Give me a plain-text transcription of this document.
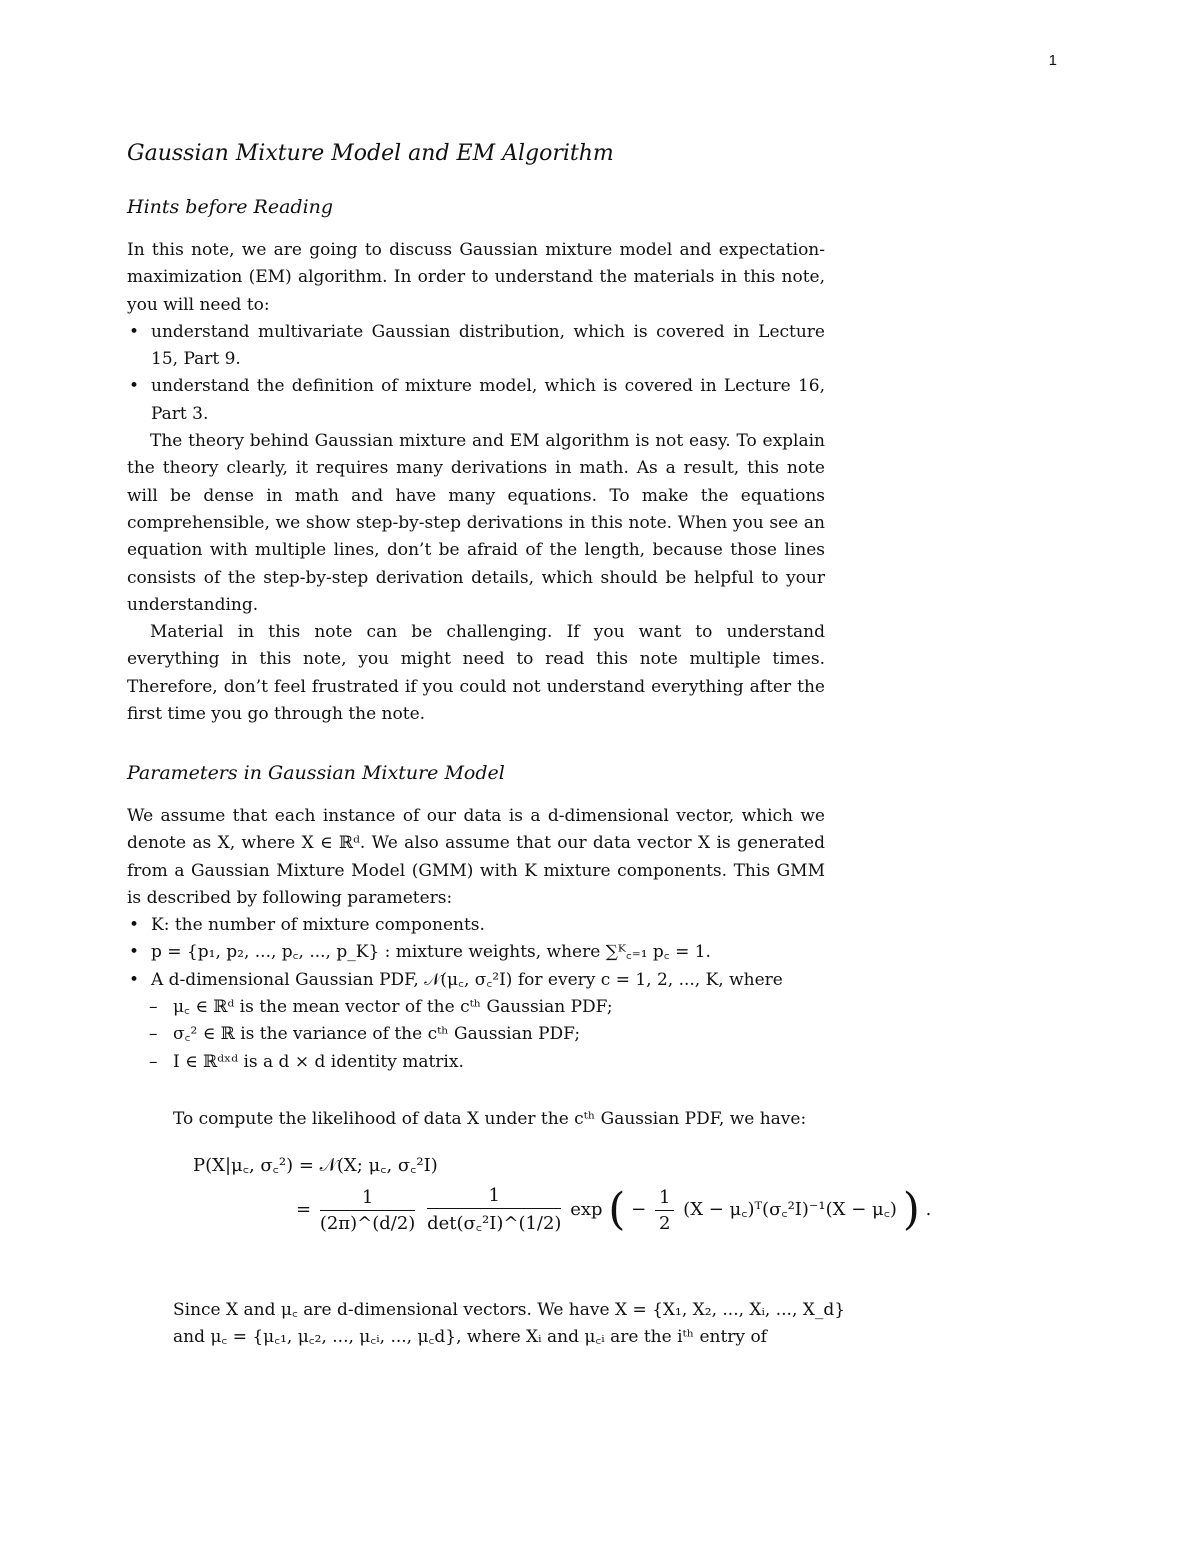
1
Gaussian Mixture Model and EM Algorithm
Hints before Reading

In this note, we are going to discuss Gaussian mixture model and expectation-maximization (EM) algorithm. In order to understand the materials in this note, you will need to:

• understand multivariate Gaussian distribution, which is covered in Lecture 15, Part 9.
• understand the definition of mixture model, which is covered in Lecture 16, Part 3.

The theory behind Gaussian mixture and EM algorithm is not easy. To explain the theory clearly, it requires many derivations in math. As a result, this note will be dense in math and have many equations. To make the equations comprehensible, we show step-by-step derivations in this note. When you see an equation with multiple lines, don’t be afraid of the length, because those lines consists of the step-by-step derivation details, which should be helpful to your understanding.

Material in this note can be challenging. If you want to understand everything in this note, you might need to read this note multiple times. Therefore, don’t feel frustrated if you could not understand everything after the first time you go through the note.

Parameters in Gaussian Mixture Model

We assume that each instance of our data is a d-dimensional vector, which we denote as X, where X ∈ ℝᵈ. We also assume that our data vector X is generated from a Gaussian Mixture Model (GMM) with K mixture components. This GMM is described by following parameters:

• K: the number of mixture components.
• p = {p₁, p₂, ..., p꜀, ..., p_K} : mixture weights, where ∑ᴷ꜀₌₁ p꜀ = 1.
• A d-dimensional Gaussian PDF, 𝒩(μ꜀, σ꜀²I) for every c = 1, 2, ..., K, where
– μ꜀ ∈ ℝᵈ is the mean vector of the cᵗʰ Gaussian PDF;
– σ꜀² ∈ ℝ is the variance of the cᵗʰ Gaussian PDF;
– I ∈ ℝᵈˣᵈ is a d × d identity matrix.

To compute the likelihood of data X under the cᵗʰ Gaussian PDF, we have:

P(X|μ꜀, σ꜀²) = 𝒩(X; μ꜀, σ꜀²I)
= $\frac{1}{(2\pi)\^{}(d/2)}$
$\frac{1}{\text{det(σ꜀²I)\textasciicircum{}(1/2)}}$ exp ( − $\frac{1}{2} (X$ − μ꜀)ᵀ(σ꜀²I)⁻¹(X − μ꜀) ) .

Since X and μ꜀ are d-dimensional vectors. We have X = {X₁, X₂, ..., Xᵢ, ..., X_d}

and μ꜀ = {μ꜀₁, μ꜀₂, ..., μ꜀ᵢ, ..., μ꜀d}, where Xᵢ and μ꜀ᵢ are the iᵗʰ entry of
